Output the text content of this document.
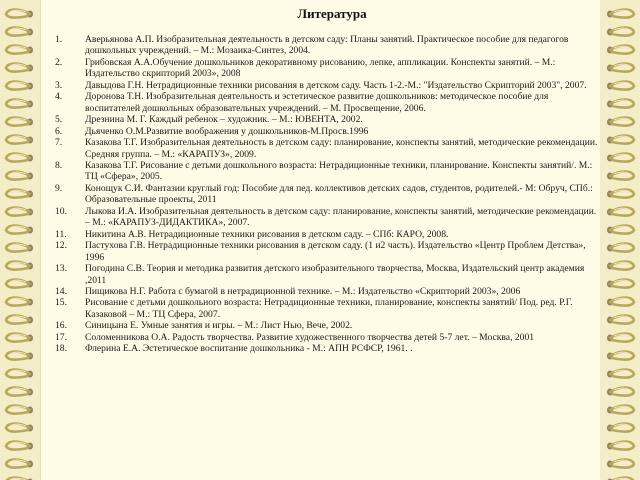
Литература
1.	Аверьянова А.П. Изобразительная деятельность в детском саду: Планы занятий. Практическое пособие для педагогов дошкольных учреждений. – М.: Мозаика-Синтез, 2004.
2.	Грибовская А.А.Обучение дошкольников декоративному рисованию, лепке, аппликации. Конспекты занятий. – М.: Издательство скрипторий 2003», 2008
3.	Давыдова Г.Н. Нетрадиционные техники рисования в детском саду. Часть 1-2.-М.: "Издательство Скрипторий 2003", 2007.
4.	Доронова Т.Н. Изобразительная деятельность и эстетическое развитие дошкольников: методическое пособие для воспитателей дошкольных образовательных учреждений. – М. Просвещение, 2006.
5.	Дрезнина М. Г. Каждый ребенок – художник. – М.: ЮВЕНТА, 2002.
6.	Дьяченко О.М.Развитие воображения у дошкольников-М.Просв.1996
7.	Казакова Т.Г. Изобразительная деятельность в детском саду: планирование, конспекты занятий, методические рекомендации. Средняя группа. – М.: «КАРАПУЗ», 2009.
8.	Казакова Т.Г. Рисование с детьми дошкольного возраста: Нетрадиционные техники, планирование. Конспекты занятий/. М.: ТЦ «Сфера», 2005.
9.	Конощук С.И. Фантазии круглый год: Пособие для пед. коллективов детских садов, студентов, родителей.- М: Обруч, СПб.: Образовательные проекты, 2011
10.	Лыкова И.А. Изобразительная деятельность в детском саду: планирование, конспекты занятий, методические рекомендации. – М.: «КАРАПУЗ-ДИДАКТИКА», 2007.
11.	Никитина А.В. Нетрадиционные техники рисования в детском саду. – СПб: КАРО, 2008.
12.	Пастухова Г.В. Нетрадиционные техники рисования в детском саду. (1 и2 часть). Издательство «Центр Проблем Детства», 1996
13.	Погодина С.В. Теория и методика развития детского изобразительного творчества, Москва, Издательский центр академия ,2011
14.	Пищикова Н.Г. Работа с бумагой в нетрадиционной технике. – М.: Издательство «Скрипторий 2003», 2006
15.	Рисование с детьми дошкольного возраста: Нетрадиционные техники, планирование, конспекты занятий/ Под. ред. Р.Г. Казаковой – М.: ТЦ Сфера, 2007.
16.	Синицына Е. Умные занятия и игры. – М.: Лист Нью, Вече, 2002.
17.	Соломенникова О.А. Радость творчества. Развитие художественного творчества детей 5-7 лет. – Москва, 2001
18.	Флерина Е.А. Эстетическое воспитание дошкольника - М.: АПН РСФСР, 1961. .
